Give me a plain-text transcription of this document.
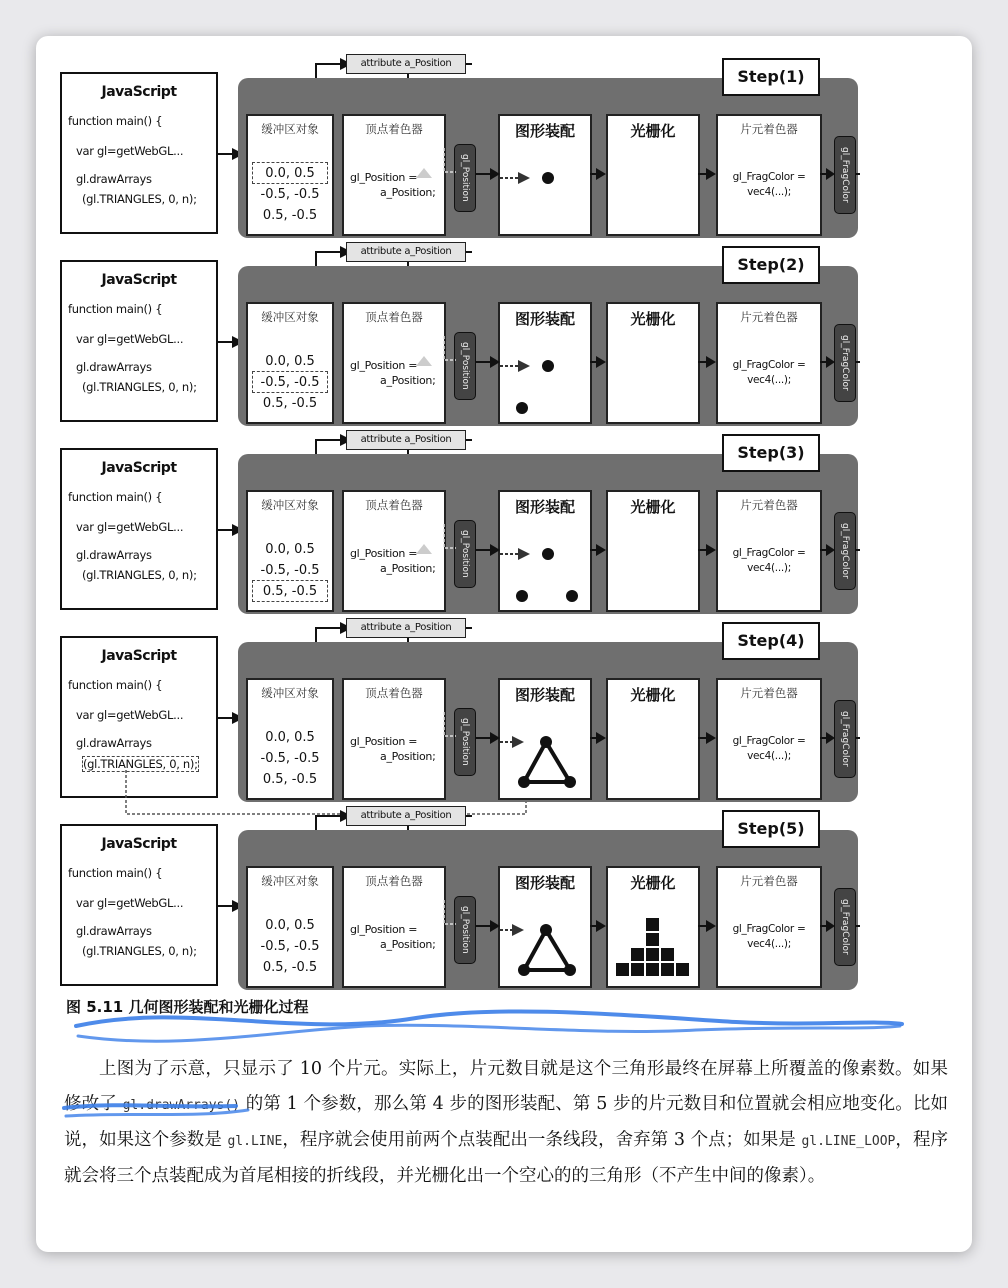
JavaScript
function main() {
var gl=getWebGL...
gl.drawArrays
(gl.TRIANGLES, 0, n);
缓冲区对象
0.0, 0.5
-0.5, -0.5
0.5, -0.5
顶点着色器
gl_Position =
a_Position;	gl_Position
图形装配	光栅化	片元着色器
gl_FragColor =
vec4(...);	gl_FragColor
attribute a_Position
Step(1)
JavaScript
function main() {
var gl=getWebGL...
gl.drawArrays
(gl.TRIANGLES, 0, n);
缓冲区对象
0.0, 0.5
-0.5, -0.5
0.5, -0.5
顶点着色器
gl_Position =
a_Position;	gl_Position
图形装配	光栅化	片元着色器
gl_FragColor =
vec4(...);	gl_FragColor
attribute a_Position
Step(2)
JavaScript
function main() {
var gl=getWebGL...
gl.drawArrays
(gl.TRIANGLES, 0, n);
缓冲区对象
0.0, 0.5
-0.5, -0.5
0.5, -0.5
顶点着色器
gl_Position =
a_Position;	gl_Position
图形装配	光栅化	片元着色器
gl_FragColor =
vec4(...);	gl_FragColor
attribute a_Position
Step(3)
JavaScript
function main() {
var gl=getWebGL...
gl.drawArrays
(gl.TRIANGLES, 0, n);
缓冲区对象
0.0, 0.5
-0.5, -0.5
0.5, -0.5
顶点着色器
gl_Position =
a_Position;	gl_Position
图形装配	光栅化	片元着色器
gl_FragColor =
vec4(...);	gl_FragColor
attribute a_Position
Step(4)
JavaScript
function main() {
var gl=getWebGL...
gl.drawArrays
(gl.TRIANGLES, 0, n);
缓冲区对象
0.0, 0.5
-0.5, -0.5
0.5, -0.5
顶点着色器
gl_Position =
a_Position;	gl_Position
图形装配	光栅化	片元着色器
gl_FragColor =
vec4(...);	gl_FragColor
attribute a_Position
Step(5)
图 5.11 几何图形装配和光栅化过程
上图为了示意，只显示了 10 个片元。实际上，片元数目就是这个三角形最终在屏幕上所覆盖的像素数。如果修改了 gl.drawArrays() 的第 1 个参数，那么第 4 步的图形装配、第 5 步的片元数目和位置就会相应地变化。比如说，如果这个参数是 gl.LINE，程序就会使用前两个点装配出一条线段，舍弃第 3 个点；如果是 gl.LINE_LOOP，程序就会将三个点装配成为首尾相接的折线段，并光栅化出一个空心的的三角形（不产生中间的像素）。
